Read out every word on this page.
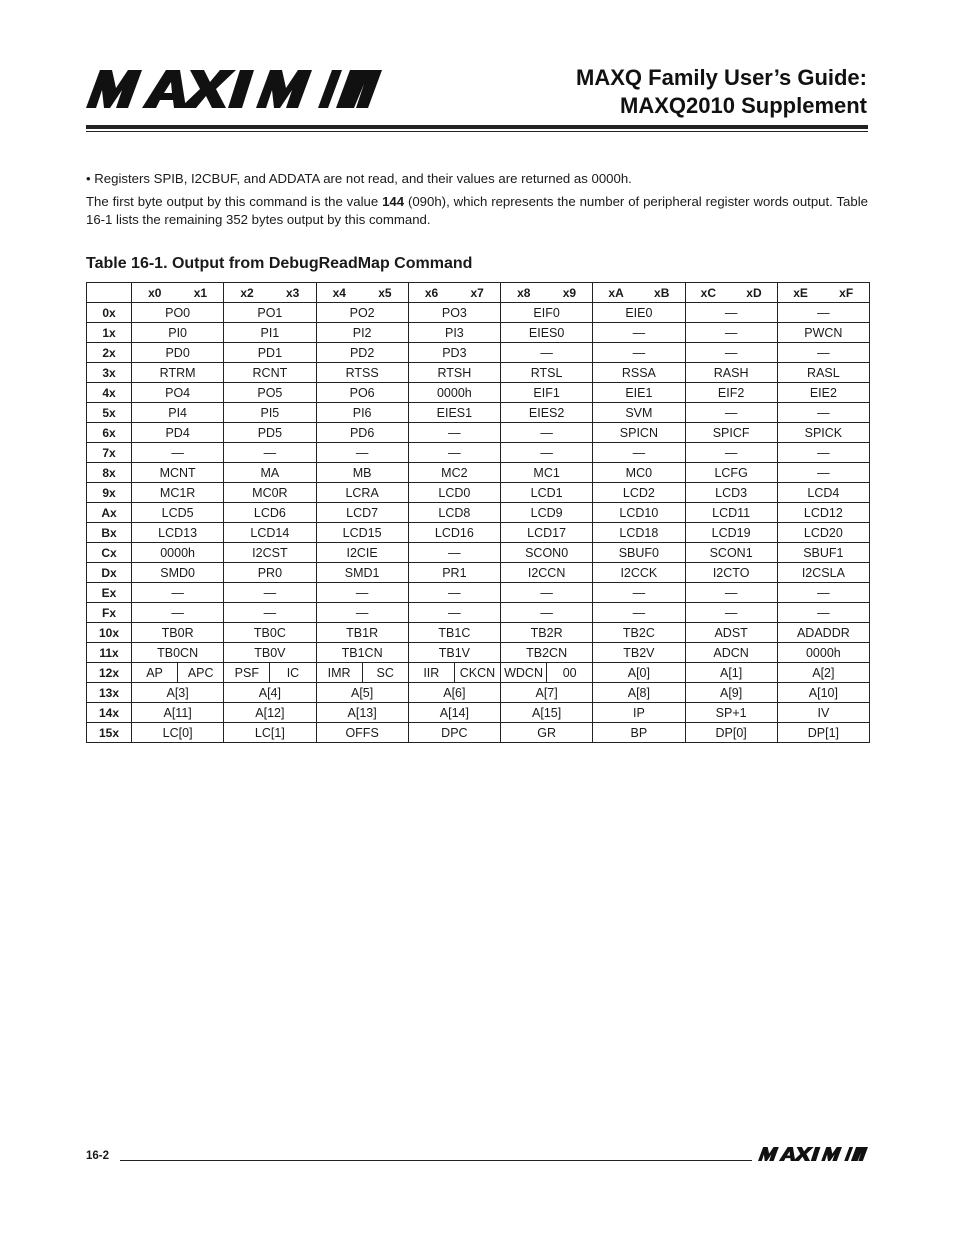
MAXQ Family User’s Guide:
MAXQ2010 Supplement
• Registers SPIB, I2CBUF, and ADDATA are not read, and their values are returned as 0000h.
The first byte output by this command is the value 144 (090h), which represents the number of peripheral register words output. Table 16-1 lists the remaining 352 bytes output by this command.
Table 16-1. Output from DebugReadMap Command
	x0	x1	x2	x3	x4	x5	x6	x7	x8	x9	xA	xB	xC	xD	xE	xF
0x	PO0		PO1		PO2		PO3		EIF0		EIE0		—		—	
1x	PI0		PI1		PI2		PI3		EIES0		—		—		PWCN	
2x	PD0		PD1		PD2		PD3		—		—		—		—	
3x	RTRM		RCNT		RTSS		RTSH		RTSL		RSSA		RASH		RASL	
4x	PO4		PO5		PO6		0000h		EIF1		EIE1		EIF2		EIE2	
5x	PI4		PI5		PI6		EIES1		EIES2		SVM		—		—	
6x	PD4		PD5		PD6		—		—		SPICN		SPICF		SPICK	
7x	—		—		—		—		—		—		—		—	
8x	MCNT		MA		MB		MC2		MC1		MC0		LCFG		—	
9x	MC1R		MC0R		LCRA		LCD0		LCD1		LCD2		LCD3		LCD4	
Ax	LCD5		LCD6		LCD7		LCD8		LCD9		LCD10		LCD11		LCD12	
Bx	LCD13		LCD14		LCD15		LCD16		LCD17		LCD18		LCD19		LCD20	
Cx	0000h		I2CST		I2CIE		—		SCON0		SBUF0		SCON1		SBUF1	
Dx	SMD0		PR0		SMD1		PR1		I2CCN		I2CCK		I2CTO		I2CSLA	
Ex	—		—		—		—		—		—		—		—	
Fx	—		—		—		—		—		—		—		—	
10x	TB0R		TB0C		TB1R		TB1C		TB2R		TB2C		ADST		ADADDR	
11x	TB0CN		TB0V		TB1CN		TB1V		TB2CN		TB2V		ADCN		0000h	
12x	AP	APC	PSF	IC	IMR	SC	IIR	CKCN	WDCN	00	A[0]		A[1]		A[2]	
13x	A[3]		A[4]		A[5]		A[6]		A[7]		A[8]		A[9]		A[10]	
14x	A[11]		A[12]		A[13]		A[14]		A[15]		IP		SP+1		IV	
15x	LC[0]		LC[1]		OFFS		DPC		GR		BP		DP[0]		DP[1]	
16-2
